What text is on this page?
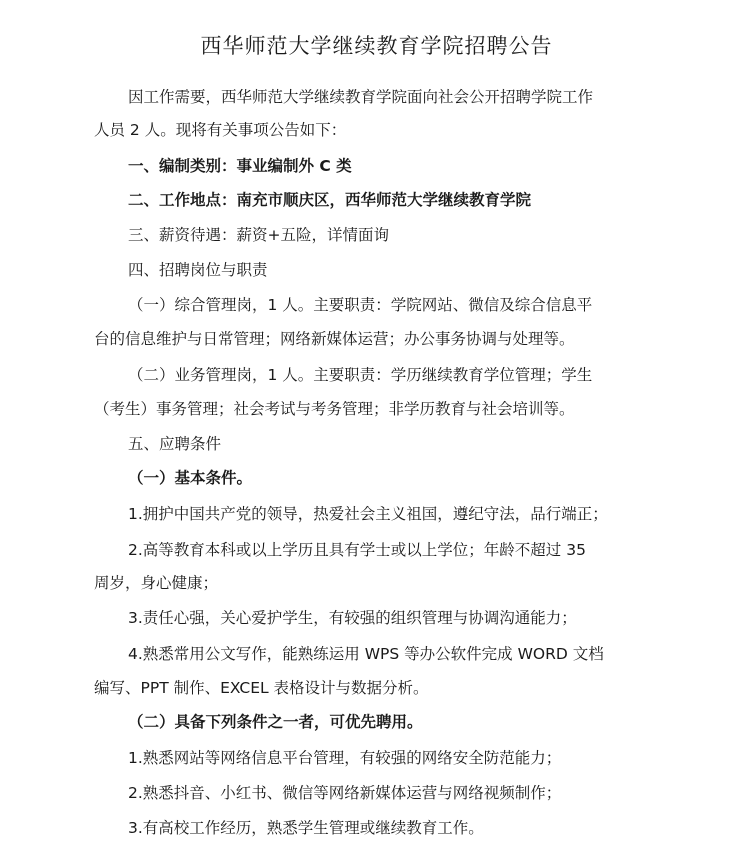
西华师范大学继续教育学院招聘公告
因工作需要，西华师范大学继续教育学院面向社会公开招聘学院工作
人员 2 人。现将有关事项公告如下：
一、编制类别：事业编制外 C 类
二、工作地点：南充市顺庆区，西华师范大学继续教育学院
三、薪资待遇：薪资+五险，详情面询
四、招聘岗位与职责
（一）综合管理岗，1 人。主要职责：学院网站、微信及综合信息平
台的信息维护与日常管理；网络新媒体运营；办公事务协调与处理等。
（二）业务管理岗，1 人。主要职责：学历继续教育学位管理；学生
（考生）事务管理；社会考试与考务管理；非学历教育与社会培训等。
五、应聘条件
（一）基本条件。
1.拥护中国共产党的领导，热爱社会主义祖国，遵纪守法，品行端正；
2.高等教育本科或以上学历且具有学士或以上学位；年龄不超过 35
周岁，身心健康；
3.责任心强，关心爱护学生，有较强的组织管理与协调沟通能力；
4.熟悉常用公文写作，能熟练运用 WPS 等办公软件完成 WORD 文档
编写、PPT 制作、EXCEL 表格设计与数据分析。
（二）具备下列条件之一者，可优先聘用。
1.熟悉网站等网络信息平台管理，有较强的网络安全防范能力；
2.熟悉抖音、小红书、微信等网络新媒体运营与网络视频制作；
3.有高校工作经历，熟悉学生管理或继续教育工作。
